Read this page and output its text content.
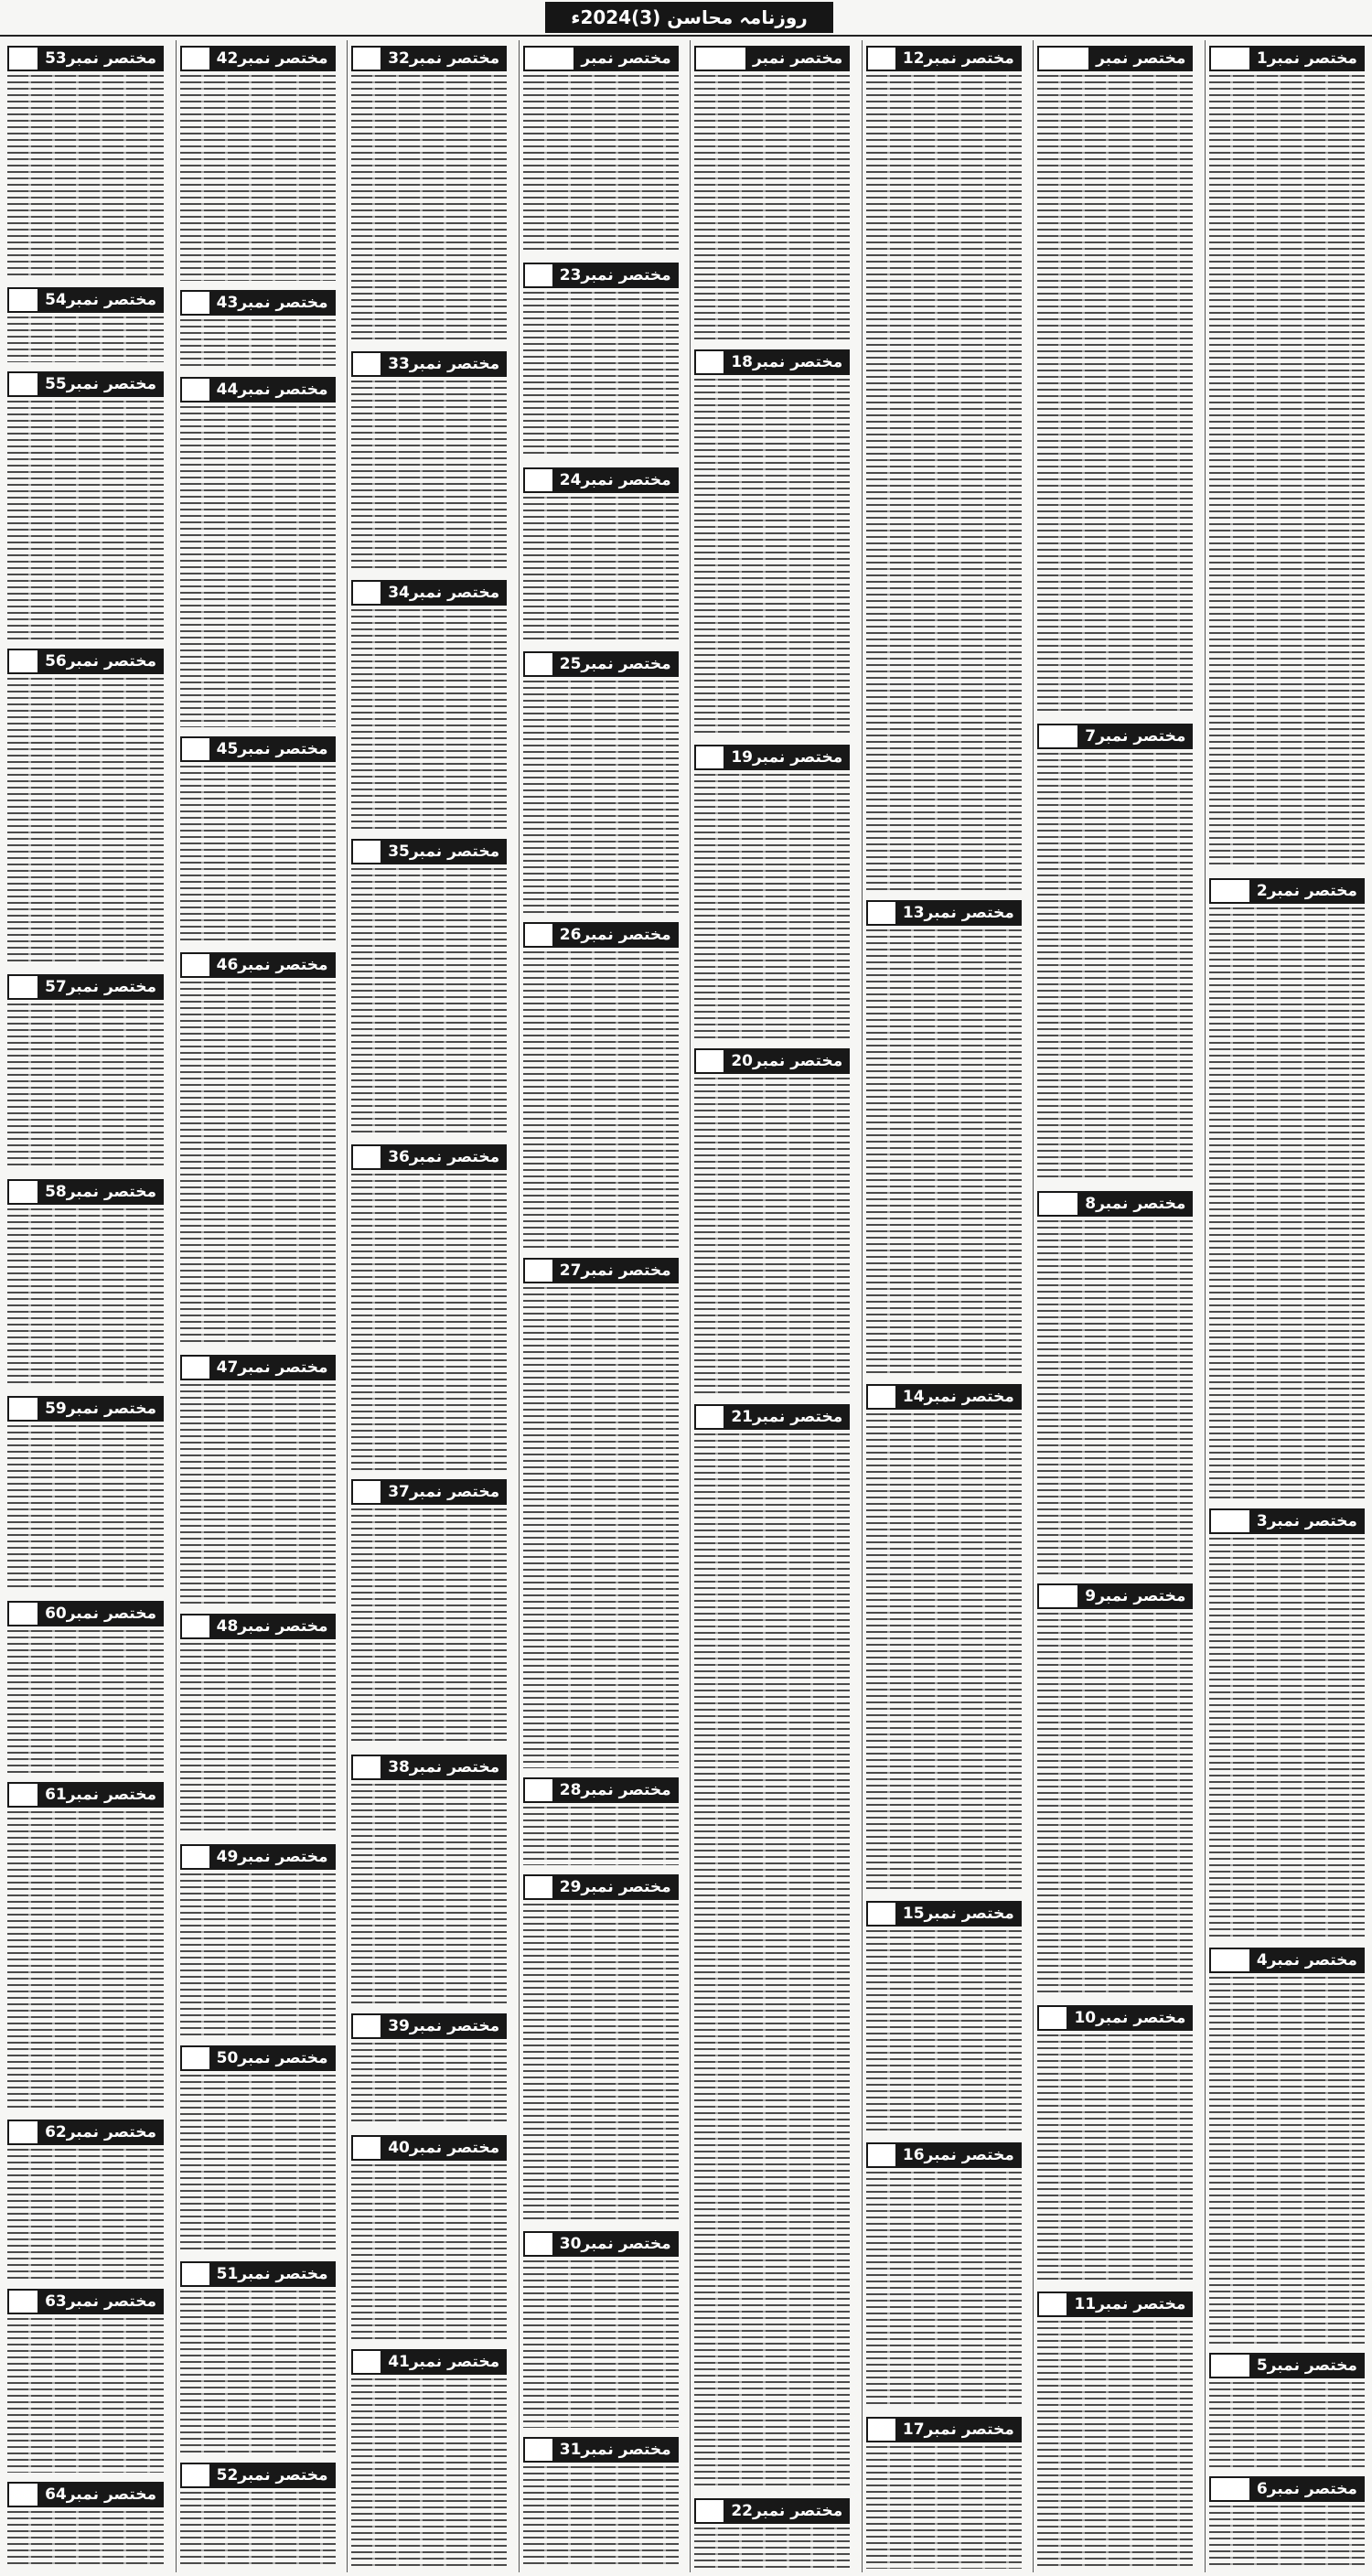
روزنامہ محاسن (3)2024ء
مختصر نمبر1
مختصر نمبر2
مختصر نمبر3
مختصر نمبر4
مختصر نمبر5
مختصر نمبر6
مختصر نمبر
مختصر نمبر7
مختصر نمبر8
مختصر نمبر9
مختصر نمبر10
مختصر نمبر11
مختصر نمبر12
مختصر نمبر13
مختصر نمبر14
مختصر نمبر15
مختصر نمبر16
مختصر نمبر17
مختصر نمبر
مختصر نمبر18
مختصر نمبر19
مختصر نمبر20
مختصر نمبر21
مختصر نمبر22
مختصر نمبر
مختصر نمبر23
مختصر نمبر24
مختصر نمبر25
مختصر نمبر26
مختصر نمبر27
مختصر نمبر28
مختصر نمبر29
مختصر نمبر30
مختصر نمبر31
مختصر نمبر32
مختصر نمبر33
مختصر نمبر34
مختصر نمبر35
مختصر نمبر36
مختصر نمبر37
مختصر نمبر38
مختصر نمبر39
مختصر نمبر40
مختصر نمبر41
مختصر نمبر42
مختصر نمبر43
مختصر نمبر44
مختصر نمبر45
مختصر نمبر46
مختصر نمبر47
مختصر نمبر48
مختصر نمبر49
مختصر نمبر50
مختصر نمبر51
مختصر نمبر52
مختصر نمبر53
مختصر نمبر54
مختصر نمبر55
مختصر نمبر56
مختصر نمبر57
مختصر نمبر58
مختصر نمبر59
مختصر نمبر60
مختصر نمبر61
مختصر نمبر62
مختصر نمبر63
مختصر نمبر64
